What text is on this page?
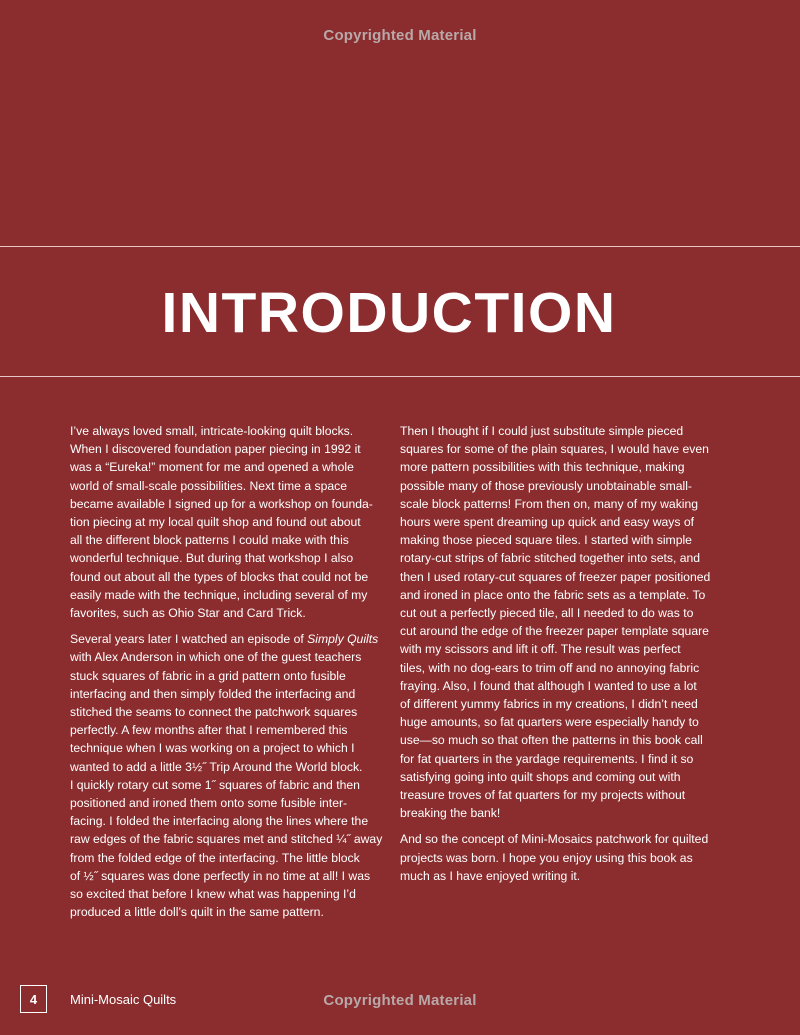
Copyrighted Material
INTRODUCTION

I’ve always loved small, intricate-looking quilt blocks.
When I discovered foundation paper piecing in 1992 it
was a “Eureka!” moment for me and opened a whole
world of small-scale possibilities. Next time a space
became available I signed up for a workshop on founda-
tion piecing at my local quilt shop and found out about
all the different block patterns I could make with this
wonderful technique. But during that workshop I also
found out about all the types of blocks that could not be
easily made with the technique, including several of my
favorites, such as Ohio Star and Card Trick.

Several years later I watched an episode of Simply Quilts
with Alex Anderson in which one of the guest teachers
stuck squares of fabric in a grid pattern onto fusible
interfacing and then simply folded the interfacing and
stitched the seams to connect the patchwork squares
perfectly. A few months after that I remembered this
technique when I was working on a project to which I
wanted to add a little 3½˝ Trip Around the World block.
I quickly rotary cut some 1˝ squares of fabric and then
positioned and ironed them onto some fusible inter-
facing. I folded the interfacing along the lines where the
raw edges of the fabric squares met and stitched ¼˝ away
from the folded edge of the interfacing. The little block
of ½˝ squares was done perfectly in no time at all! I was
so excited that before I knew what was happening I’d
produced a little doll’s quilt in the same pattern.

Then I thought if I could just substitute simple pieced
squares for some of the plain squares, I would have even
more pattern possibilities with this technique, making
possible many of those previously unobtainable small-
scale block patterns! From then on, many of my waking
hours were spent dreaming up quick and easy ways of
making those pieced square tiles. I started with simple
rotary-cut strips of fabric stitched together into sets, and
then I used rotary-cut squares of freezer paper positioned
and ironed in place onto the fabric sets as a template. To
cut out a perfectly pieced tile, all I needed to do was to
cut around the edge of the freezer paper template square
with my scissors and lift it off. The result was perfect
tiles, with no dog-ears to trim off and no annoying fabric
fraying. Also, I found that although I wanted to use a lot
of different yummy fabrics in my creations, I didn’t need
huge amounts, so fat quarters were especially handy to
use—so much so that often the patterns in this book call
for fat quarters in the yardage requirements. I find it so
satisfying going into quilt shops and coming out with
treasure troves of fat quarters for my projects without
breaking the bank!

And so the concept of Mini-Mosaics patchwork for quilted
projects was born. I hope you enjoy using this book as
much as I have enjoyed writing it.

4	Mini-Mosaic Quilts	Copyrighted Material
